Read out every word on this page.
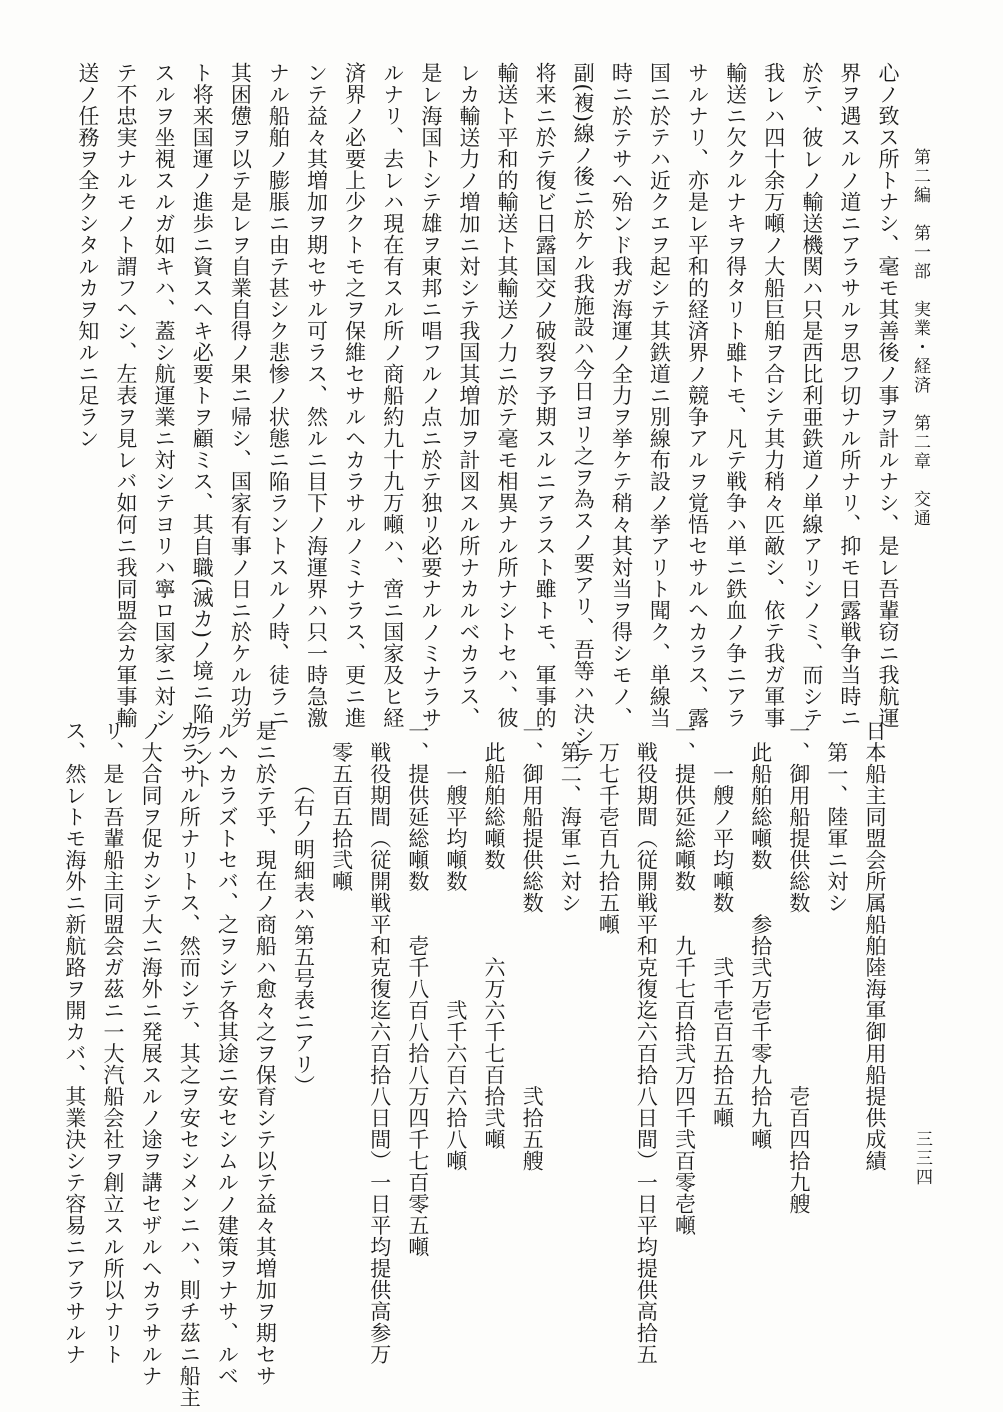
第二編　第一部　実業・経済　第二章　交通
三三四
心ノ致ス所トナシ、毫モ其善後ノ事ヲ計ルナシ、是レ吾輩窃ニ我航運
界ヲ遇スルノ道ニアラサルヲ思フ切ナル所ナリ、抑モ日露戦争当時ニ
於テ、彼レノ輸送機関ハ只是西比利亜鉄道ノ単線アリシノミ、而シテ
我レハ四十余万噸ノ大船巨舶ヲ合シテ其力稍々匹敵シ、依テ我ガ軍事
輸送ニ欠クルナキヲ得タリト雖トモ、凡テ戦争ハ単ニ鉄血ノ争ニアラ
サルナリ、亦是レ平和的経済界ノ競争アルヲ覚悟セサルヘカラス、露
国ニ於テハ近クエヲ起シテ其鉄道ニ別線布設ノ挙アリト聞ク、単線当
時ニ於テサヘ殆ンド我ガ海運ノ全力ヲ挙ケテ稍々其対当ヲ得シモノ、
副(複)線ノ後ニ於ケル我施設ハ今日ヨリ之ヲ為スノ要アリ、吾等ハ決シテ
将来ニ於テ復ビ日露国交ノ破裂ヲ予期スルニアラスト雖トモ、軍事的
輸送ト平和的輸送ト其輸送ノ力ニ於テ毫モ相異ナル所ナシトセハ、彼
レカ輸送力ノ増加ニ対シテ我国其増加ヲ計図スル所ナカルベカラス、
是レ海国トシテ雄ヲ東邦ニ唱フルノ点ニ於テ独リ必要ナルノミナラサ
ルナリ、去レハ現在有スル所ノ商船約九十九万噸ハ、啻ニ国家及ヒ経
済界ノ必要上少クトモ之ヲ保維セサルヘカラサルノミナラス、更ニ進
ンテ益々其増加ヲ期セサル可ラス、然ルニ目下ノ海運界ハ只一時急激
ナル船舶ノ膨脹ニ由テ甚シク悲惨ノ状態ニ陥ラントスルノ時、徒ラニ
其困憊ヲ以テ是レヲ自業自得ノ果ニ帰シ、国家有事ノ日ニ於ケル功労
ト将来国運ノ進歩ニ資スヘキ必要トヲ顧ミス、其自職(滅カ)ノ境ニ陥ラント
スルヲ坐視スルガ如キハ、蓋シ航運業ニ対シテヨリハ寧ロ国家ニ対シ
テ不忠実ナルモノト謂フヘシ、左表ヲ見レバ如何ニ我同盟会カ軍事輸
送ノ任務ヲ全クシタルカヲ知ルニ足ラン
日本船主同盟会所属船舶陸海軍御用船提供成績
　第一、陸軍ニ対シ
一、御用船提供総数　　　　　　　　壱百四拾九艘
　此船舶総噸数　　参拾弐万壱千零九拾九噸
　　一艘ノ平均噸数　　弐千壱百五拾五噸
一、提供延総噸数　　九千七百拾弐万四千弐百零壱噸
　戦役期間（従開戦平和克復迄六百拾八日間）一日平均提供高拾五
　万七千壱百九拾五噸
　第二、海軍ニ対シ
一、御用船提供総数　　　　　　　　弐拾五艘
　此船舶総噸数　　　　六万六千七百拾弐噸
　　一艘平均噸数　　　　　弐千六百六拾八噸
一、提供延総噸数　　壱千八百八拾八万四千七百零五噸
　戦役期間（従開戦平和克復迄六百拾八日間）一日平均提供高参万
　零五百五拾弐噸
　　　（右ノ明細表ハ第五号表ニアリ）
是ニ於テ乎、現在ノ商船ハ愈々之ヲ保育シテ以テ益々其増加ヲ期セサ
ルヘカラズトセバ、之ヲシテ各其途ニ安セシムルノ建策ヲナサ、ルベ
カラサル所ナリトス、然而シテ、其之ヲ安セシメンニハ、則チ茲ニ船主
ノ大合同ヲ促カシテ大ニ海外ニ発展スルノ途ヲ講セザルヘカラサルナ
リ、是レ吾輩船主同盟会ガ茲ニ一大汽船会社ヲ創立スル所以ナリト
ス、然レトモ海外ニ新航路ヲ開カバ、其業決シテ容易ニアラサルナ
